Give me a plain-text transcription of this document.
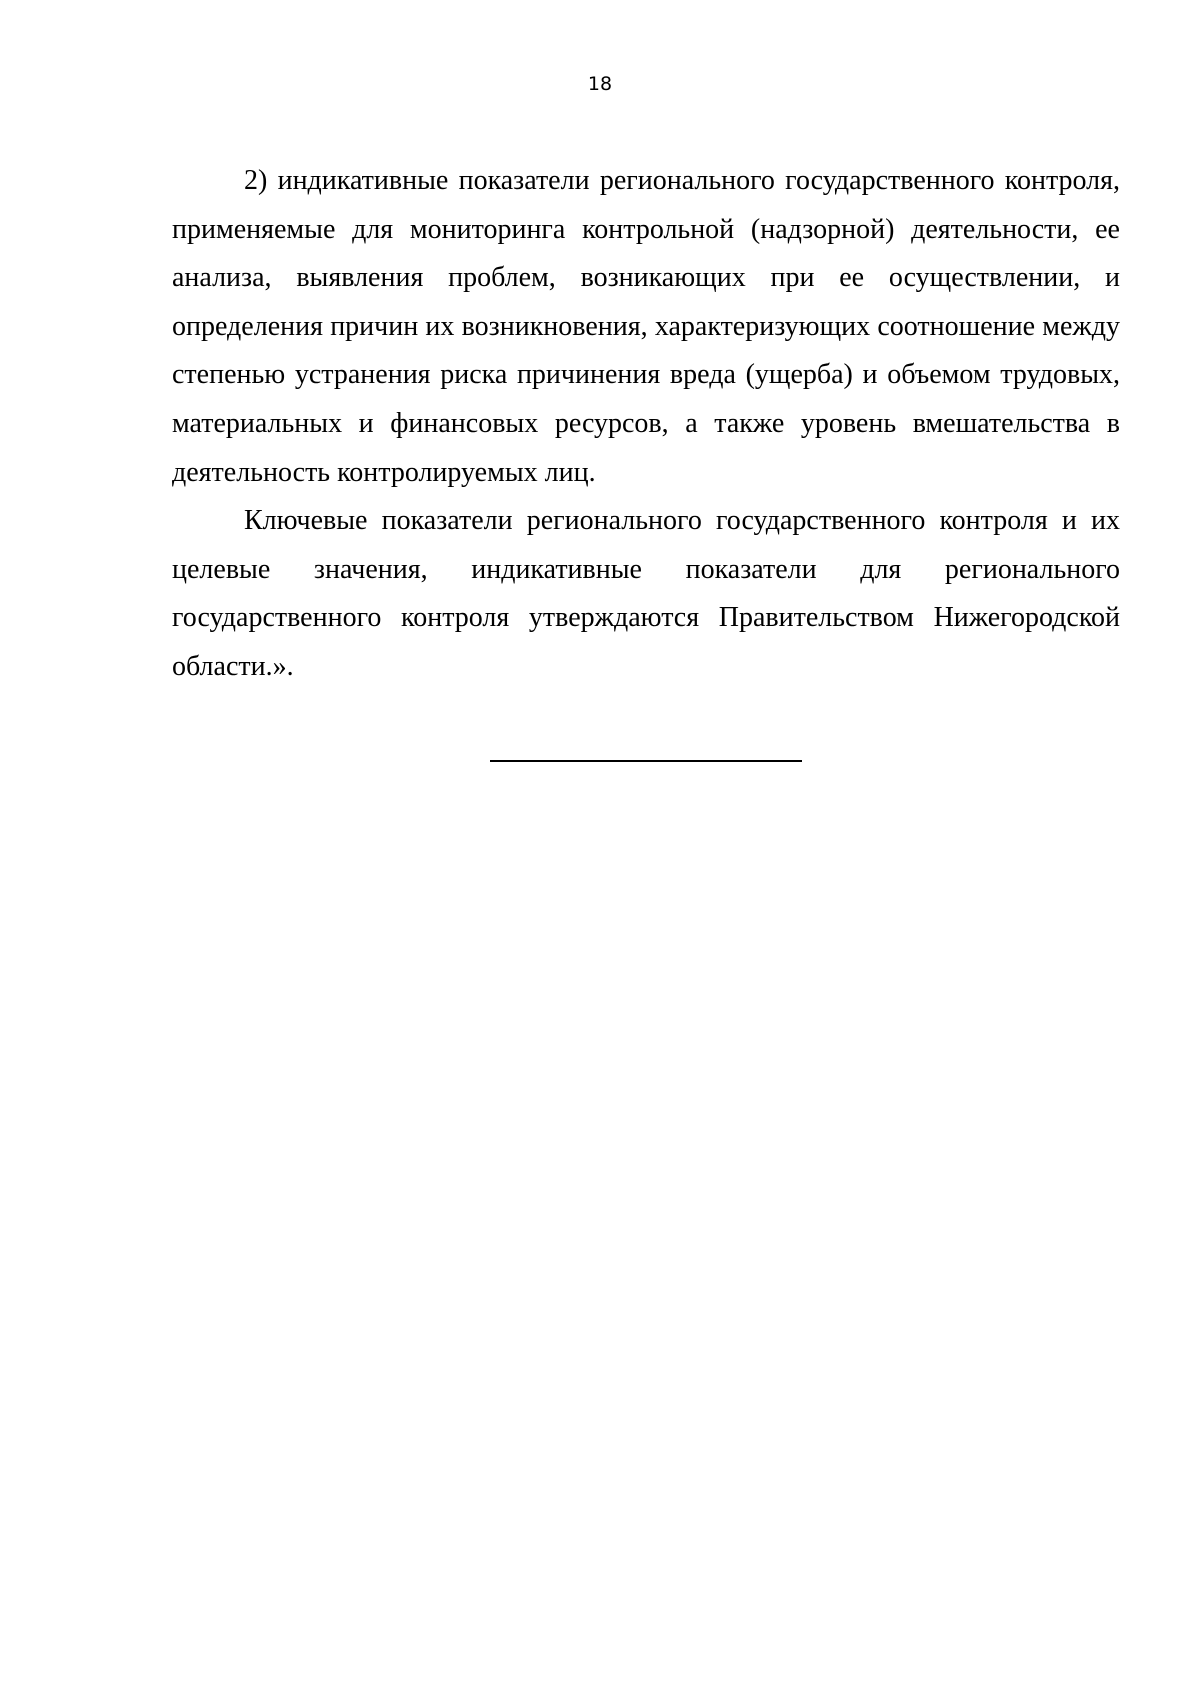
18

2) индикативные показатели регионального государственного контроля, применяемые для мониторинга контрольной (надзорной) деятельности, ее анализа, выявления проблем, возникающих при ее осуществлении, и определения причин их возникновения, характеризующих соотношение между степенью устранения риска причинения вреда (ущерба) и объемом трудовых, материальных и финансовых ресурсов, а также уровень вмешательства в деятельность контролируемых лиц.

Ключевые показатели регионального государственного контроля и их целевые значения, индикативные показатели для регионального государственного контроля утверждаются Правительством Нижегородской области.».
